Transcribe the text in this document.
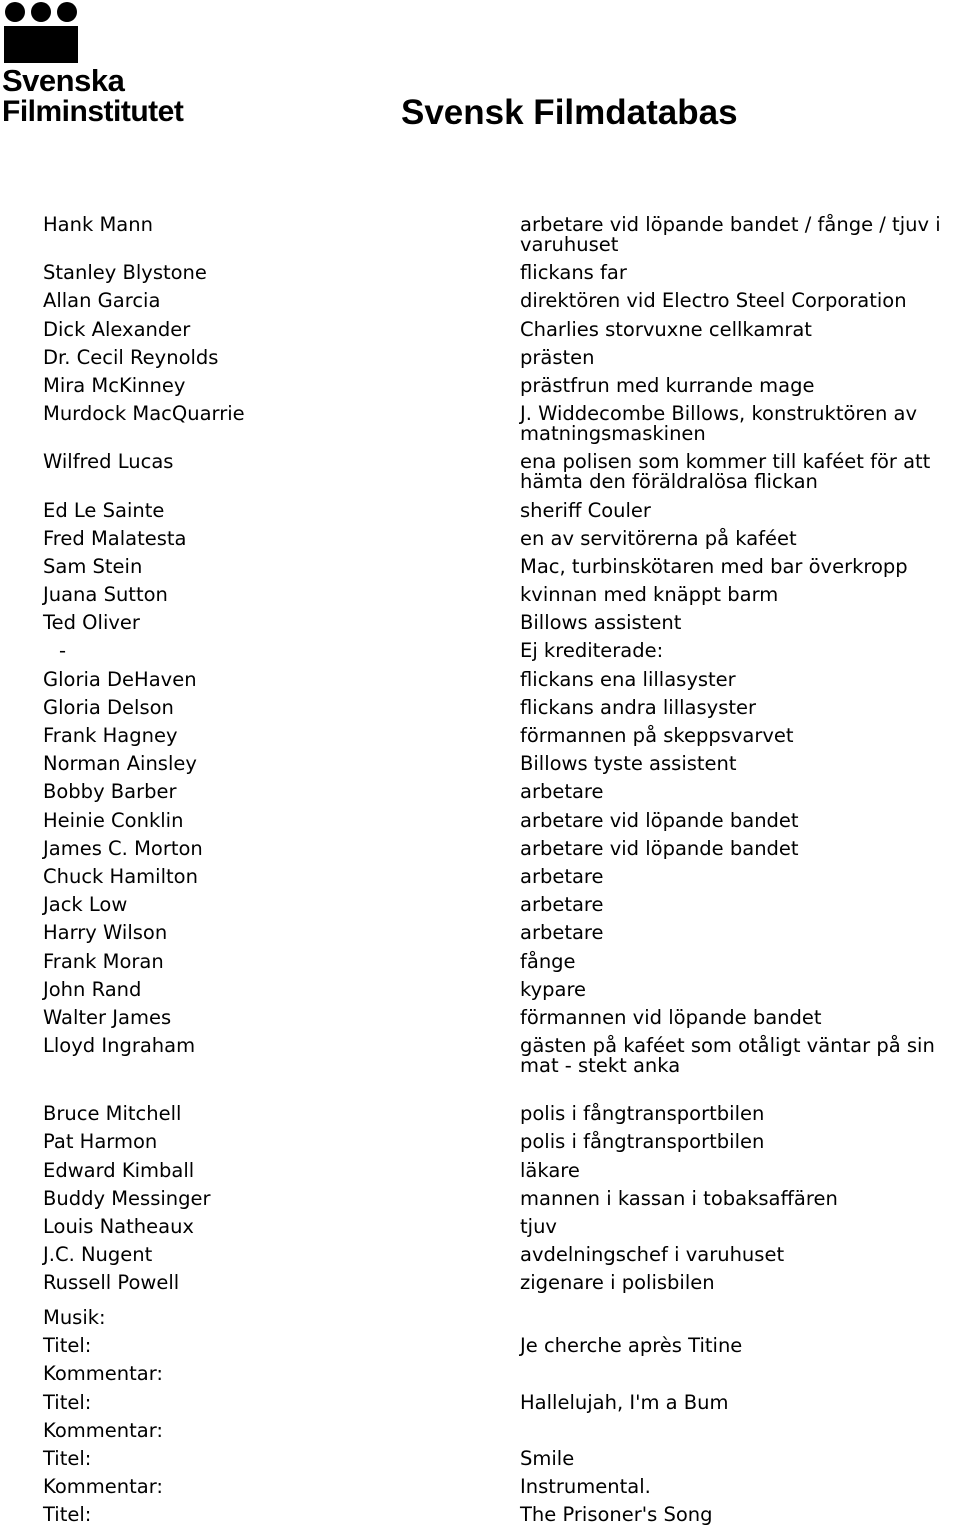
Svenska
Filminstitutet	Svensk Filmdatabas
Hank Mann	arbetare vid löpande bandet / fånge / tjuv i varuhuset
Stanley Blystone	flickans far
Allan Garcia	direktören vid Electro Steel Corporation
Dick Alexander	Charlies storvuxne cellkamrat
Dr. Cecil Reynolds	prästen
Mira McKinney	prästfrun med kurrande mage
Murdock MacQuarrie	J. Widdecombe Billows, konstruktören av matningsmaskinen
Wilfred Lucas	ena polisen som kommer till kaféet för att hämta den föräldralösa flickan
Ed Le Sainte	sheriff Couler
Fred Malatesta	en av servitörerna på kaféet
Sam Stein	Mac, turbinskötaren med bar överkropp
Juana Sutton	kvinnan med knäppt barm
Ted Oliver	Billows assistent
-	Ej krediterade:
Gloria DeHaven	flickans ena lillasyster
Gloria Delson	flickans andra lillasyster
Frank Hagney	förmannen på skeppsvarvet
Norman Ainsley	Billows tyste assistent
Bobby Barber	arbetare
Heinie Conklin	arbetare vid löpande bandet
James C. Morton	arbetare vid löpande bandet
Chuck Hamilton	arbetare
Jack Low	arbetare
Harry Wilson	arbetare
Frank Moran	fånge
John Rand	kypare
Walter James	förmannen vid löpande bandet
Lloyd Ingraham	gästen på kaféet som otåligt väntar på sin mat - stekt anka
Bruce Mitchell	polis i fångtransportbilen
Pat Harmon	polis i fångtransportbilen
Edward Kimball	läkare
Buddy Messinger	mannen i kassan i tobaksaffären
Louis Natheaux	tjuv
J.C. Nugent	avdelningschef i varuhuset
Russell Powell	zigenare i polisbilen
Musik:
Titel:	Je cherche après Titine
Kommentar:
Titel:	Hallelujah, I'm a Bum
Kommentar:
Titel:	Smile
Kommentar:	Instrumental.
Titel:	The Prisoner's Song
